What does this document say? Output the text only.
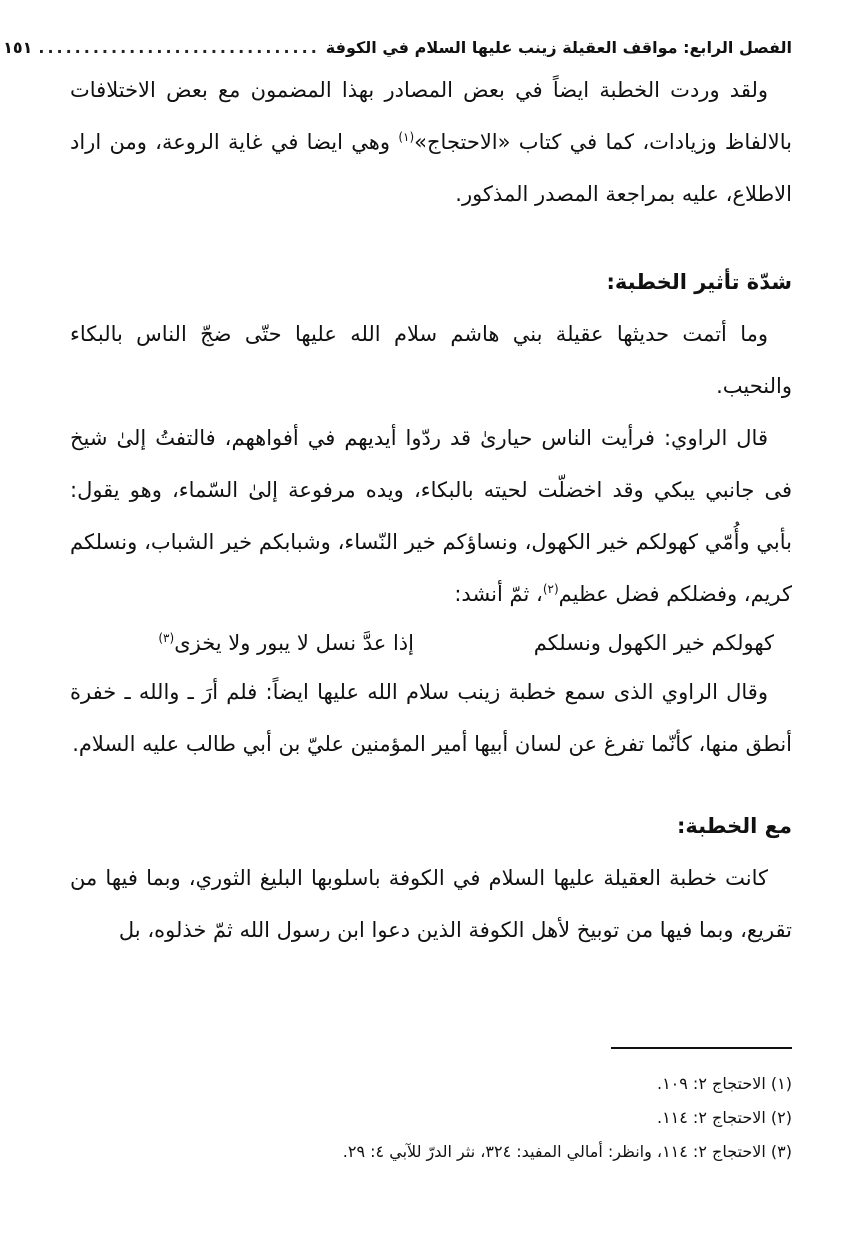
الفصل الرابع: مواقف العقيلة زينب عليها السلام في الكوفة
...............................
١٥١

ولقد وردت الخطبة ايضاً في بعض المصادر بهذا المضمون مع بعض الاختلافات بالالفاظ وزيادات، كما في كتاب «الاحتجاج»$^{(١)}$ وهي ايضا في غاية الروعة، ومن اراد الاطلاع، عليه بمراجعة المصدر المذكور.

شدّة تأثير الخطبة:

وما أتمت حديثها عقيلة بني هاشم سلام الله عليها حتّى ضجّ الناس بالبكاء والنحيب.

قال الراوي: فرأيت الناس حيارىٰ قد ردّوا أيديهم في أفواههم، فالتفتُ إلىٰ شيخ فى جانبي يبكي وقد اخضلّت لحيته بالبكاء، ويده مرفوعة إلىٰ السّماء، وهو يقول: بأبي وأُمّي كهولكم خير الكهول، ونساؤكم خير النّساء، وشبابكم خير الشباب، ونسلكم كريم، وفضلكم فضل عظيم$^{(٢)}$، ثمّ أنشد:

كهولكم خير الكهول ونسلكم
إذا عدَّ نسل لا يبور ولا يخزى$^{(٣)}$

وقال الراوي الذى سمع خطبة زينب سلام الله عليها ايضاً: فلم أرَ ـ والله ـ خفرة أنطق منها، كأنّما تفرغ عن لسان أبيها أمير المؤمنين عليّ بن أبي طالب عليه السلام.

مع الخطبة:

كانت خطبة العقيلة عليها السلام في الكوفة باسلوبها البليغ الثوري، وبما فيها من تقريع، وبما فيها من توبيخ لأهل الكوفة الذين دعوا ابن رسول الله ثمّ خذلوه، بل

(١) الاحتجاج ٢: ١٠٩.

(٢) الاحتجاج ٢: ١١٤.

(٣) الاحتجاج ٢: ١١٤، وانظر: أمالي المفيد: ٣٢٤، نثر الدرّ للآبي ٤: ٢٩.
